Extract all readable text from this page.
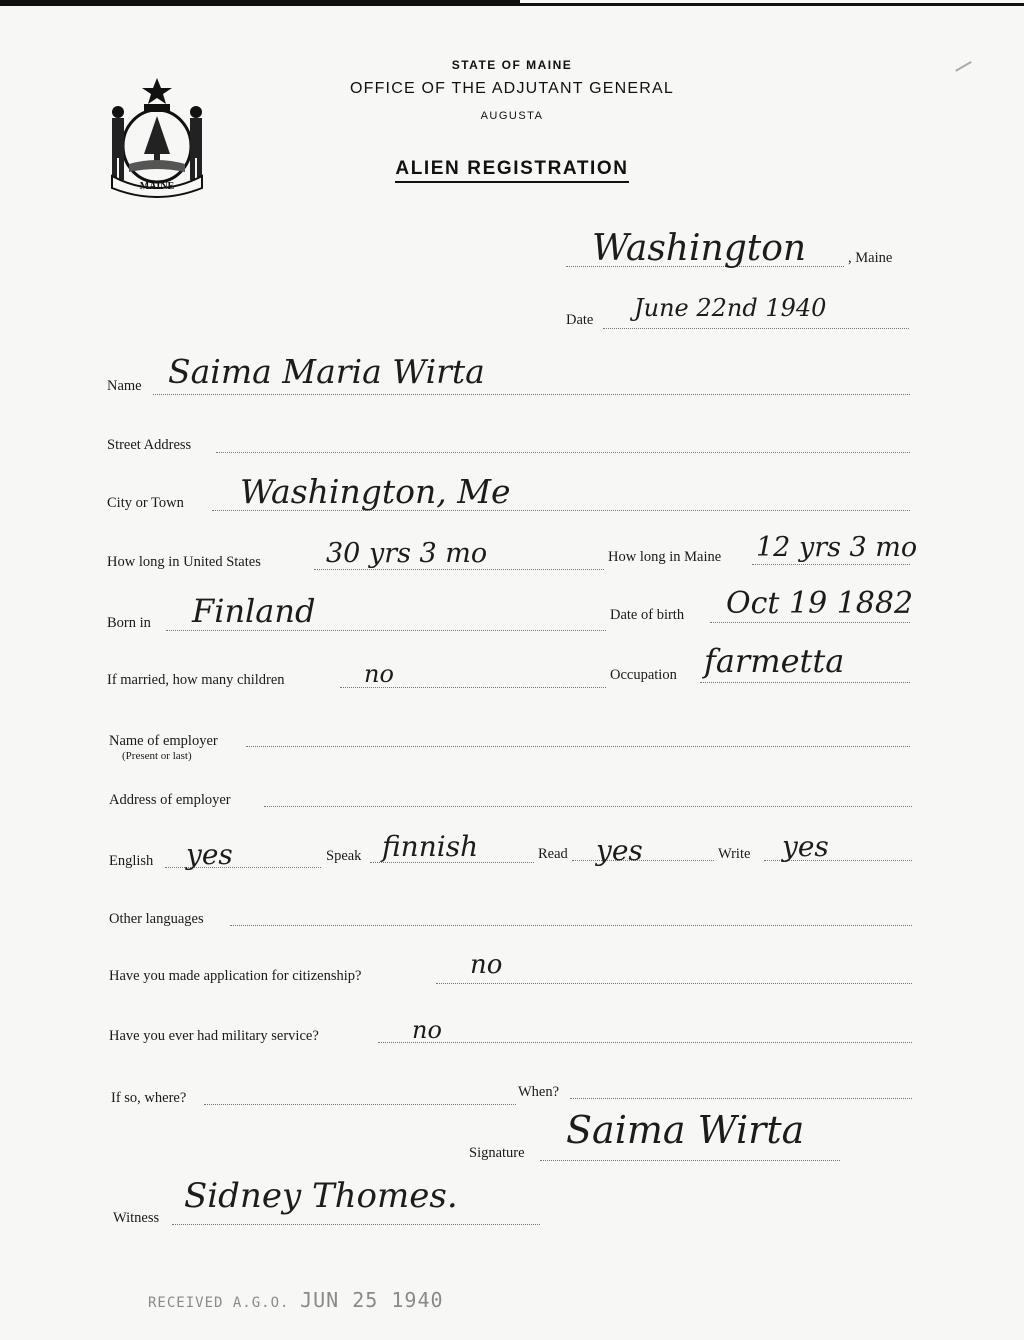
MAINE
STATE OF MAINE
OFFICE OF THE ADJUTANT GENERAL
AUGUSTA
ALIEN REGISTRATION
Washington	, Maine
Date June 22nd 1940
Name Saima Maria Wirta
Street Address
City or Town Washington, Me
How long in United States 30 yrs 3 mo	How long in Maine 12 yrs 3 mo
Born in Finland	Date of birth Oct 19 1882
If married, how many children	no	Occupation farmetta
Name of employer
(Present or last)
Address of employer
English yes	Speak finnish	Read yes	Write yes
Other languages
Have you made application for citizenship?	no
Have you ever had military service?	no
If so, where?	When?
Signature
Saima Wirta
Witness
Sidney Thomes.
RECEIVED A.G.O. JUN 25 1940
